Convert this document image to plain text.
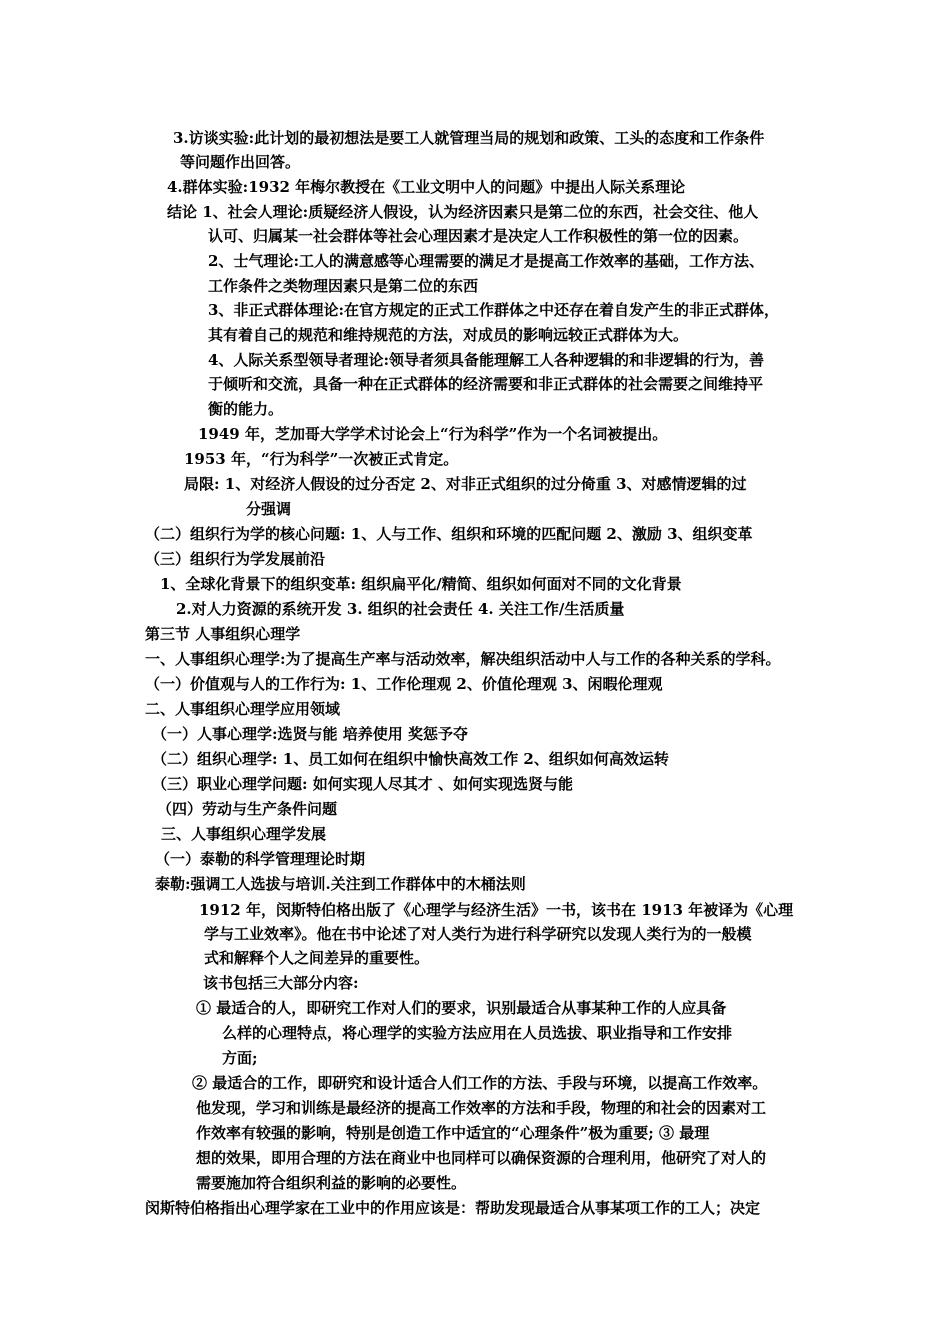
3.访谈实验:此计划的最初想法是要工人就管理当局的规划和政策、工头的态度和工作条件
等问题作出回答。
4.群体实验:1932 年梅尔教授在《工业文明中人的问题》中提出人际关系理论
结论 1、社会人理论:质疑经济人假设，认为经济因素只是第二位的东西，社会交往、他人
认可、归属某一社会群体等社会心理因素才是决定人工作积极性的第一位的因素。
2、士气理论:工人的满意感等心理需要的满足才是提高工作效率的基础，工作方法、
工作条件之类物理因素只是第二位的东西
3、非正式群体理论:在官方规定的正式工作群体之中还存在着自发产生的非正式群体，
其有着自己的规范和维持规范的方法，对成员的影响远较正式群体为大。
4、人际关系型领导者理论:领导者须具备能理解工人各种逻辑的和非逻辑的行为，善
于倾听和交流，具备一种在正式群体的经济需要和非正式群体的社会需要之间维持平
衡的能力。
1949 年，芝加哥大学学术讨论会上“行为科学”作为一个名词被提出。
1953 年，“行为科学”一次被正式肯定。
局限: 1、对经济人假设的过分否定 2、对非正式组织的过分倚重 3、对感情逻辑的过
分强调
（二）组织行为学的核心问题: 1、人与工作、组织和环境的匹配问题 2、激励 3、组织变革
（三）组织行为学发展前沿
1、全球化背景下的组织变革: 组织扁平化/精简、组织如何面对不同的文化背景
2.对人力资源的系统开发 3. 组织的社会责任 4. 关注工作/生活质量
第三节 人事组织心理学
一、人事组织心理学:为了提高生产率与活动效率，解决组织活动中人与工作的各种关系的学科。
（一）价值观与人的工作行为: 1、工作伦理观 2、价值伦理观 3、闲暇伦理观
二、人事组织心理学应用领域
（一）人事心理学:选贤与能 培养使用 奖惩予夺
（二）组织心理学: 1、员工如何在组织中愉快高效工作 2、组织如何高效运转
（三）职业心理学问题: 如何实现人尽其才 、如何实现选贤与能
（四）劳动与生产条件问题
三、人事组织心理学发展
（一）泰勒的科学管理理论时期
泰勒:强调工人选拔与培训.关注到工作群体中的木桶法则
1912 年，闵斯特伯格出版了《心理学与经济生活》一书，该书在 1913 年被译为《心理
学与工业效率》。他在书中论述了对人类行为进行科学研究以发现人类行为的一般模
式和解释个人之间差异的重要性。
该书包括三大部分内容:
① 最适合的人，即研究工作对人们的要求，识别最适合从事某种工作的人应具备
么样的心理特点，将心理学的实验方法应用在人员选拔、职业指导和工作安排
方面;
② 最适合的工作，即研究和设计适合人们工作的方法、手段与环境，以提高工作效率。
他发现，学习和训练是最经济的提高工作效率的方法和手段，物理的和社会的因素对工
作效率有较强的影响，特别是创造工作中适宜的“心理条件”极为重要; ③ 最理
想的效果，即用合理的方法在商业中也同样可以确保资源的合理利用，他研究了对人的
需要施加符合组织利益的影响的必要性。
闵斯特伯格指出心理学家在工业中的作用应该是：帮助发现最适合从事某项工作的工人；决定
